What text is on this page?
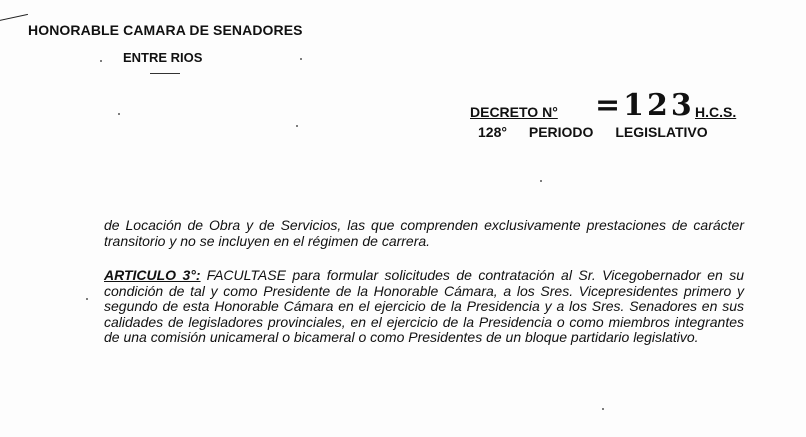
HONORABLE CAMARA DE SENADORES
ENTRE RIOS
DECRETO N° =123 H.C.S.
128° PERIODO LEGISLATIVO

de Locación de Obra y de Servicios, las que comprenden exclusivamente prestaciones de carácter transitorio y no se incluyen en el régimen de carrera.

ARTICULO 3°: FACULTASE para formular solicitudes de contratación al Sr. Vicegobernador en su condición de tal y como Presidente de la Honorable Cámara, a los Sres. Vicepresidentes primero y segundo de esta Honorable Cámara en el ejercicio de la Presidencia y a los Sres. Senadores en sus calidades de legisladores provinciales, en el ejercicio de la Presidencia o como miembros integrantes de una comisión unicameral o bicameral o como Presidentes de un bloque partidario legislativo.
